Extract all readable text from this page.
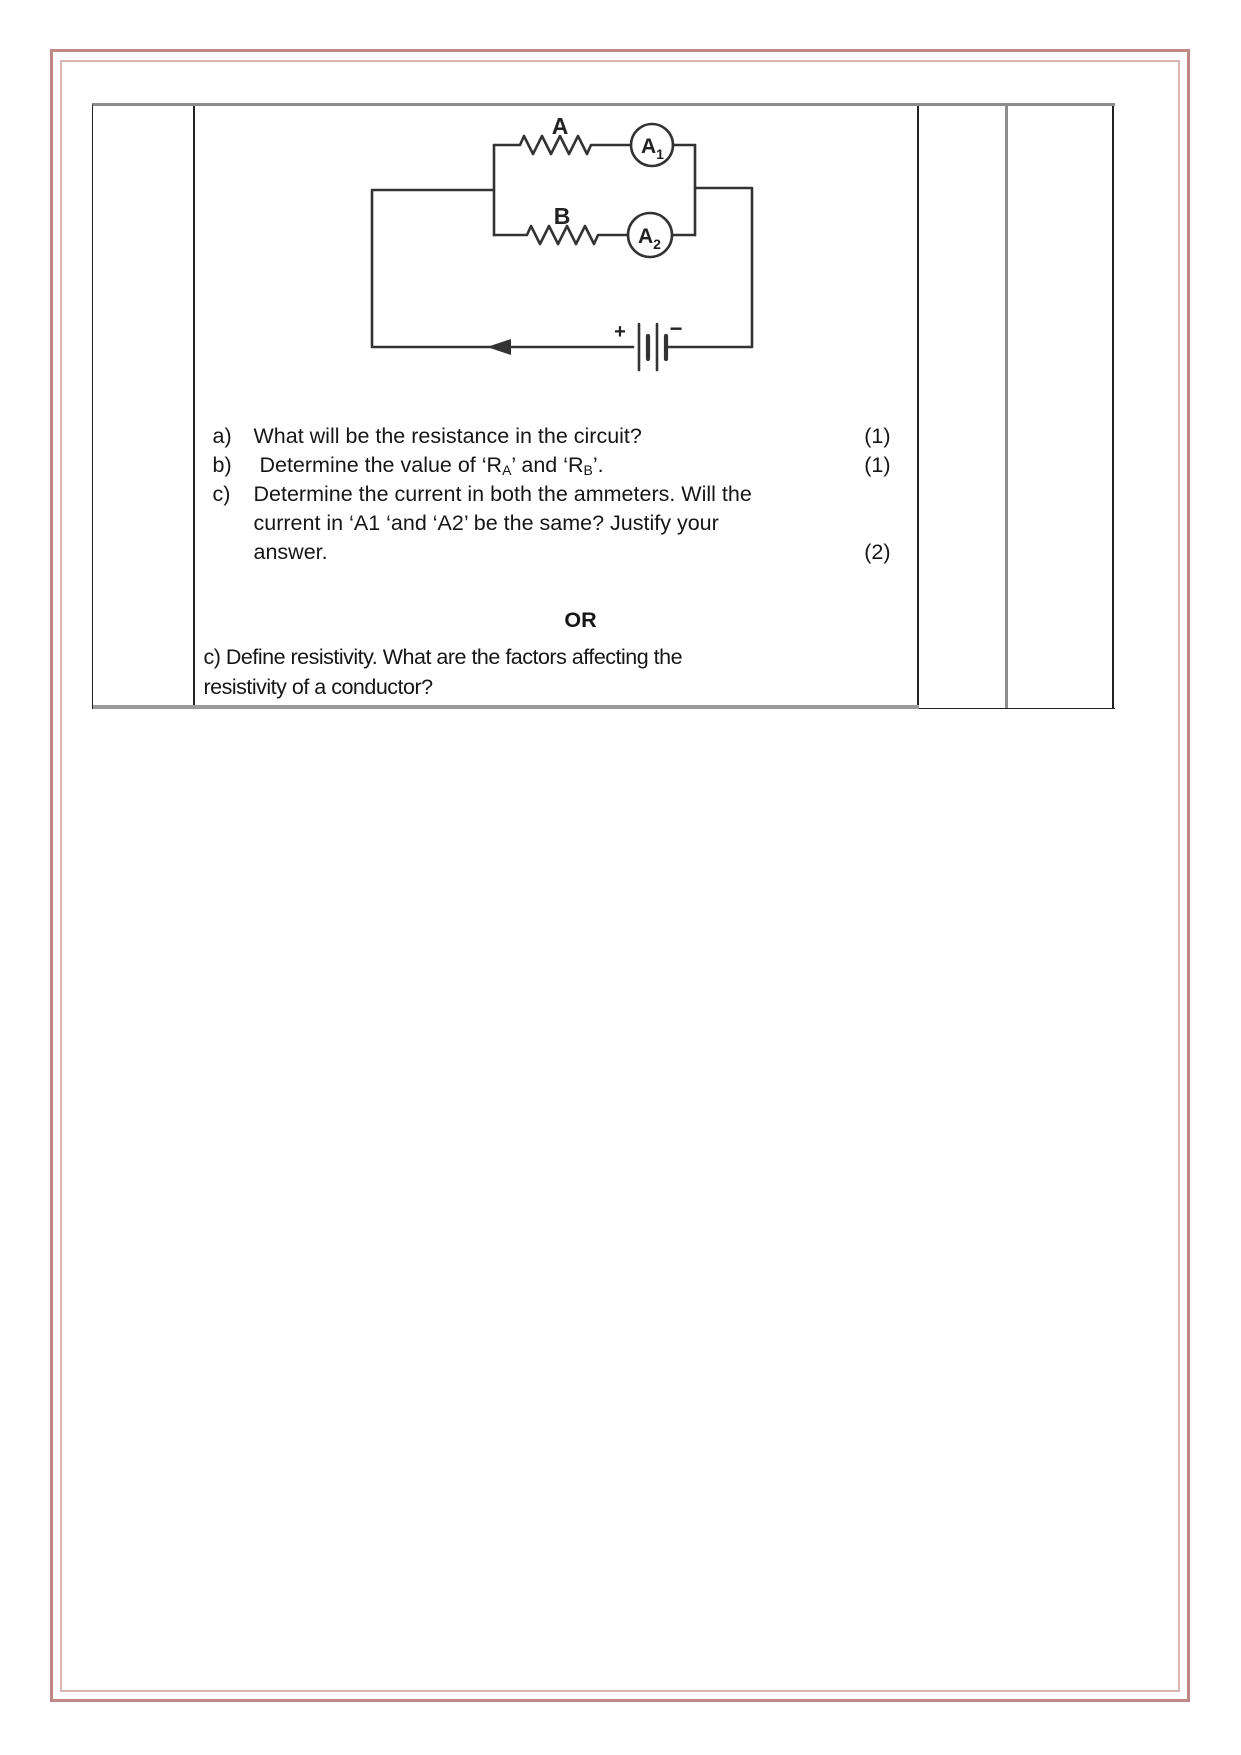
A
B
$A_1$
$A_2$
+ −
a) What will be the resistance in the circuit?	(1)
b) Determine the value of ‘$R_A$’ and ‘$R_B$’.	(1)
c) Determine the current in both the ammeters. Will the
current in ‘A1 ‘and ‘A2’ be the same? Justify your
answer.	(2)
OR
c) Define resistivity. What are the factors affecting the
resistivity of a conductor?
